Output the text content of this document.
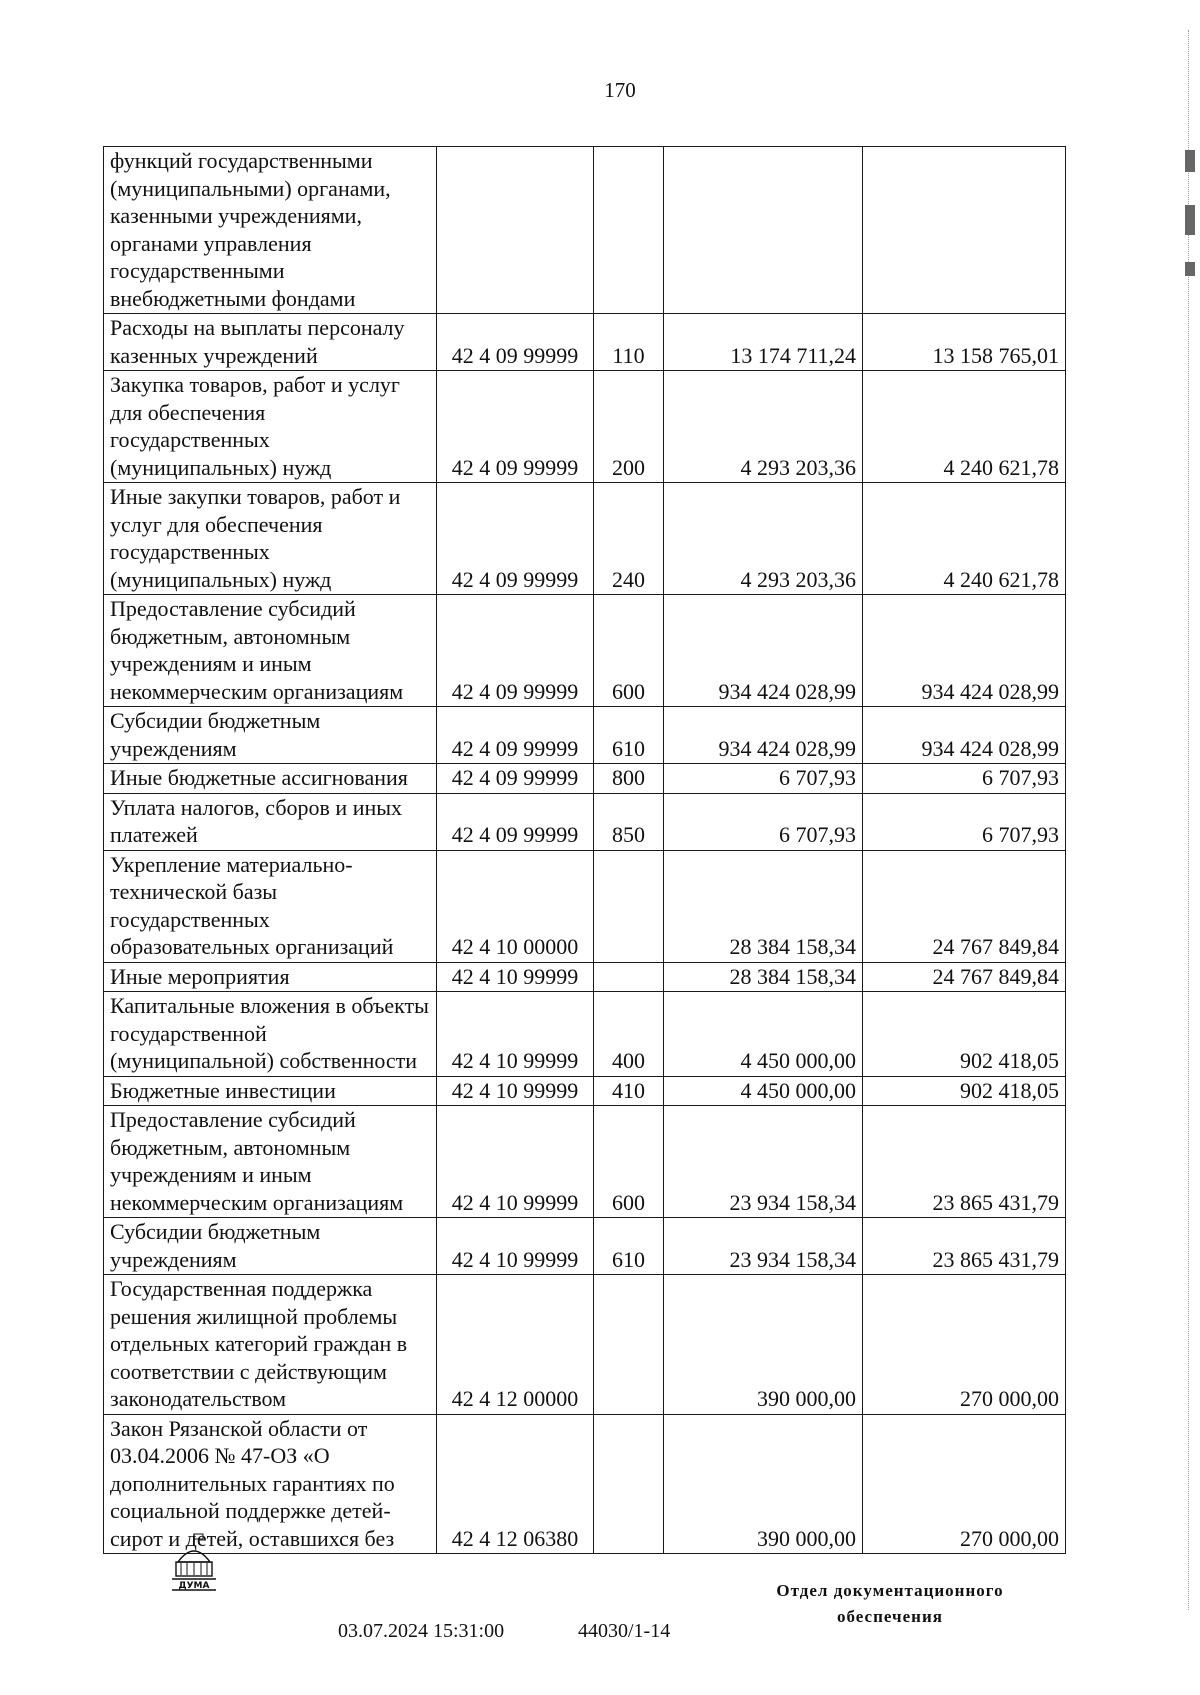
170
функций государственными (муниципальными) органами, казенными учреждениями, органами управления государственными внебюджетными фондами				
Расходы на выплаты персоналу казенных учреждений	42 4 09 99999	110	13 174 711,24	13 158 765,01
Закупка товаров, работ и услуг для обеспечения государственных (муниципальных) нужд	42 4 09 99999	200	4 293 203,36	4 240 621,78
Иные закупки товаров, работ и услуг для обеспечения государственных (муниципальных) нужд	42 4 09 99999	240	4 293 203,36	4 240 621,78
Предоставление субсидий бюджетным, автономным учреждениям и иным некоммерческим организациям	42 4 09 99999	600	934 424 028,99	934 424 028,99
Субсидии бюджетным учреждениям	42 4 09 99999	610	934 424 028,99	934 424 028,99
Иные бюджетные ассигнования	42 4 09 99999	800	6 707,93	6 707,93
Уплата налогов, сборов и иных платежей	42 4 09 99999	850	6 707,93	6 707,93
Укрепление материально-технической базы государственных образовательных организаций	42 4 10 00000		28 384 158,34	24 767 849,84
Иные мероприятия	42 4 10 99999		28 384 158,34	24 767 849,84
Капитальные вложения в объекты государственной (муниципальной) собственности	42 4 10 99999	400	4 450 000,00	902 418,05
Бюджетные инвестиции	42 4 10 99999	410	4 450 000,00	902 418,05
Предоставление субсидий бюджетным, автономным учреждениям и иным некоммерческим организациям	42 4 10 99999	600	23 934 158,34	23 865 431,79
Субсидии бюджетным учреждениям	42 4 10 99999	610	23 934 158,34	23 865 431,79
Государственная поддержка решения жилищной проблемы отдельных категорий граждан в соответствии с действующим законодательством	42 4 12 00000		390 000,00	270 000,00
Закон Рязанской области от 03.04.2006 № 47-ОЗ «О дополнительных гарантиях по социальной поддержке детей-сирот и детей, оставшихся без	42 4 12 06380		390 000,00	270 000,00
ДУМА
03.07.2024 15:31:00	44030/1-14
Отдел документационного
обеспечения
